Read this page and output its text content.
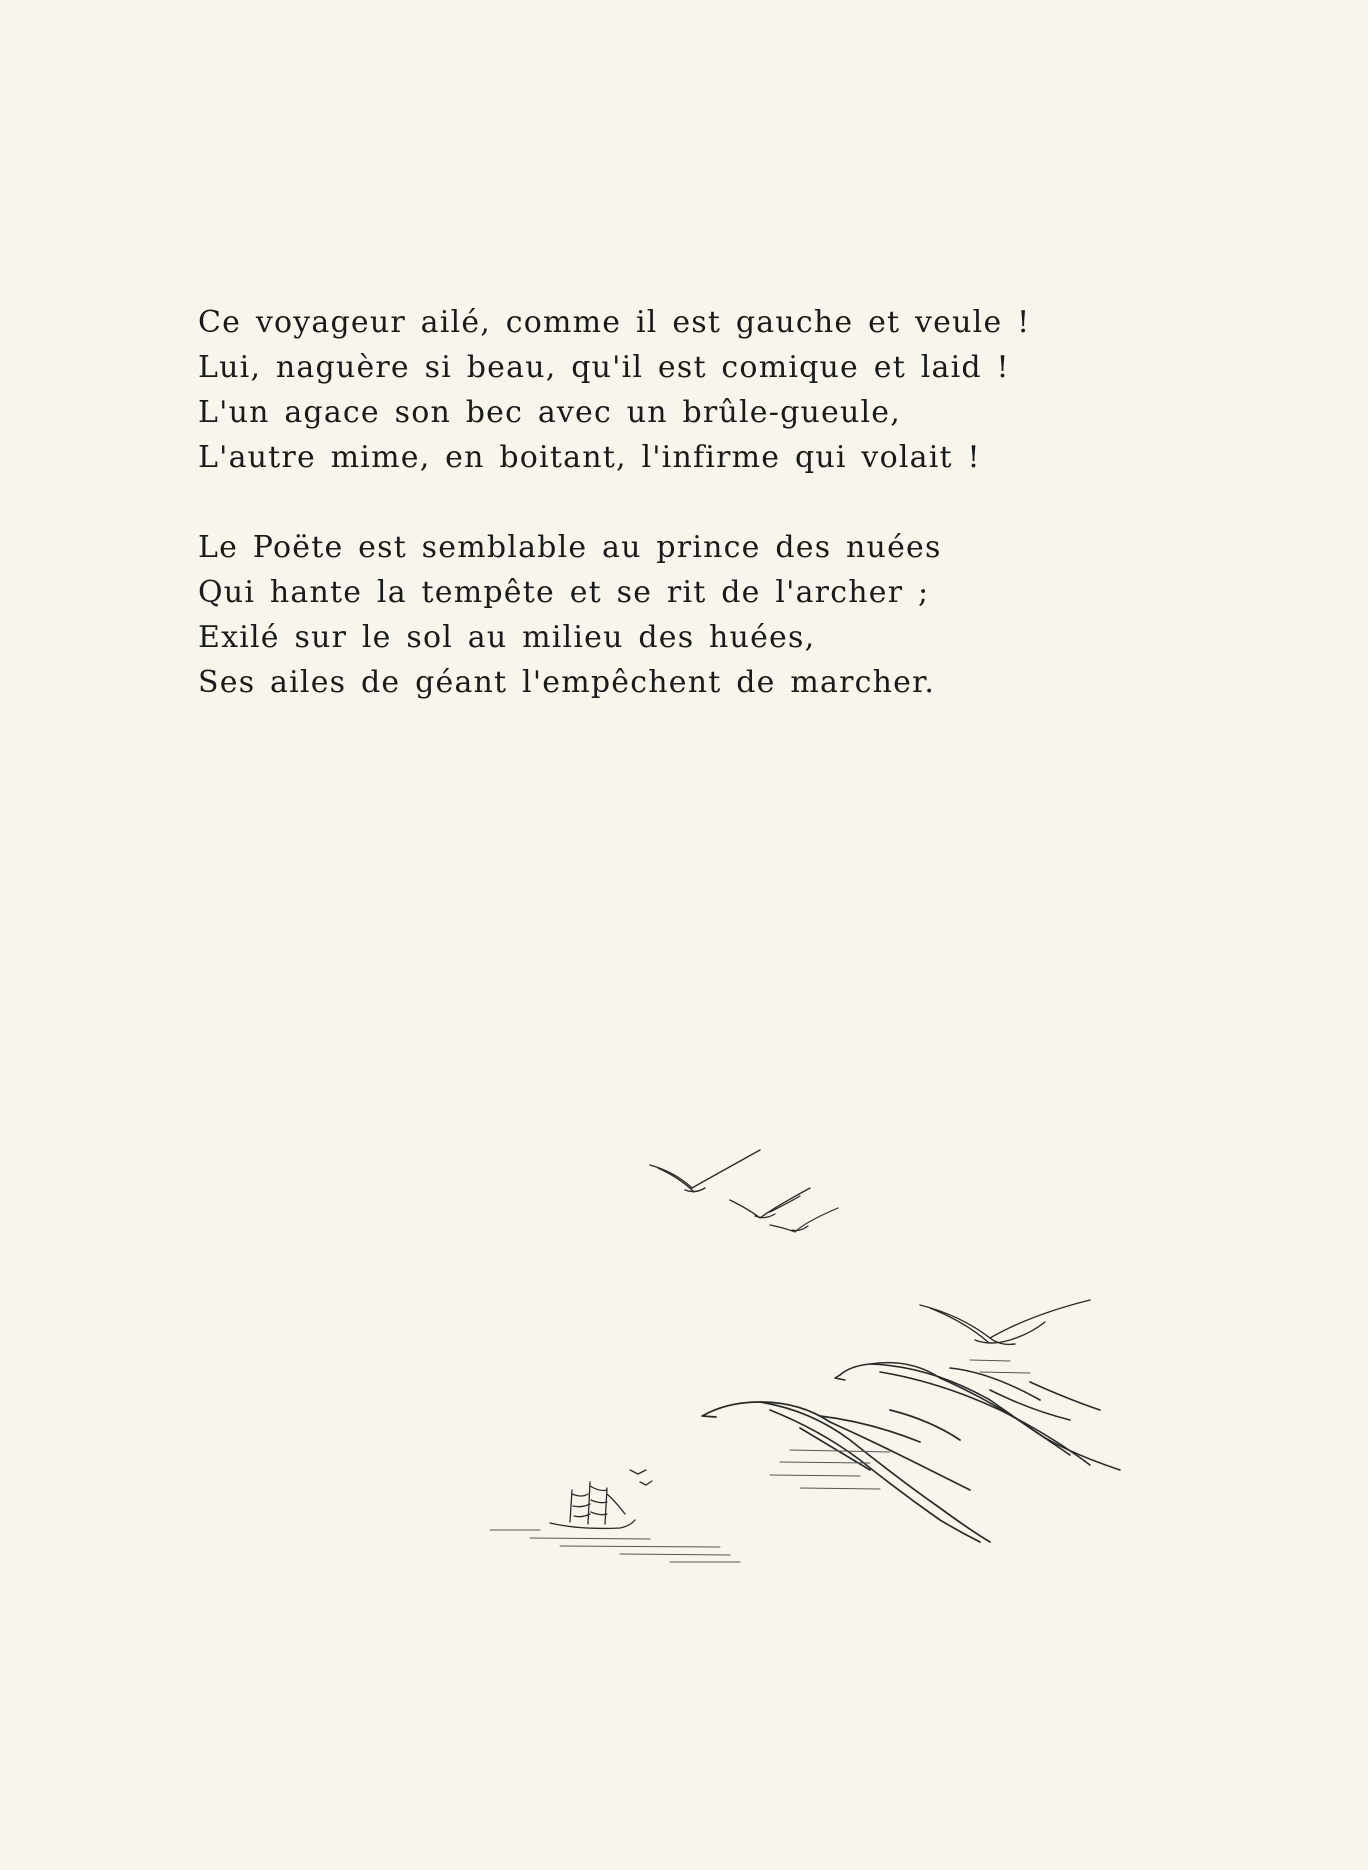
Ce voyageur ailé, comme il est gauche et veule !
Lui, naguère si beau, qu'il est comique et laid !
L'un agace son bec avec un brûle-gueule,
L'autre mime, en boitant, l'infirme qui volait !
Le Poëte est semblable au prince des nuées
Qui hante la tempête et se rit de l'archer ;
Exilé sur le sol au milieu des huées,
Ses ailes de géant l'empêchent de marcher.
